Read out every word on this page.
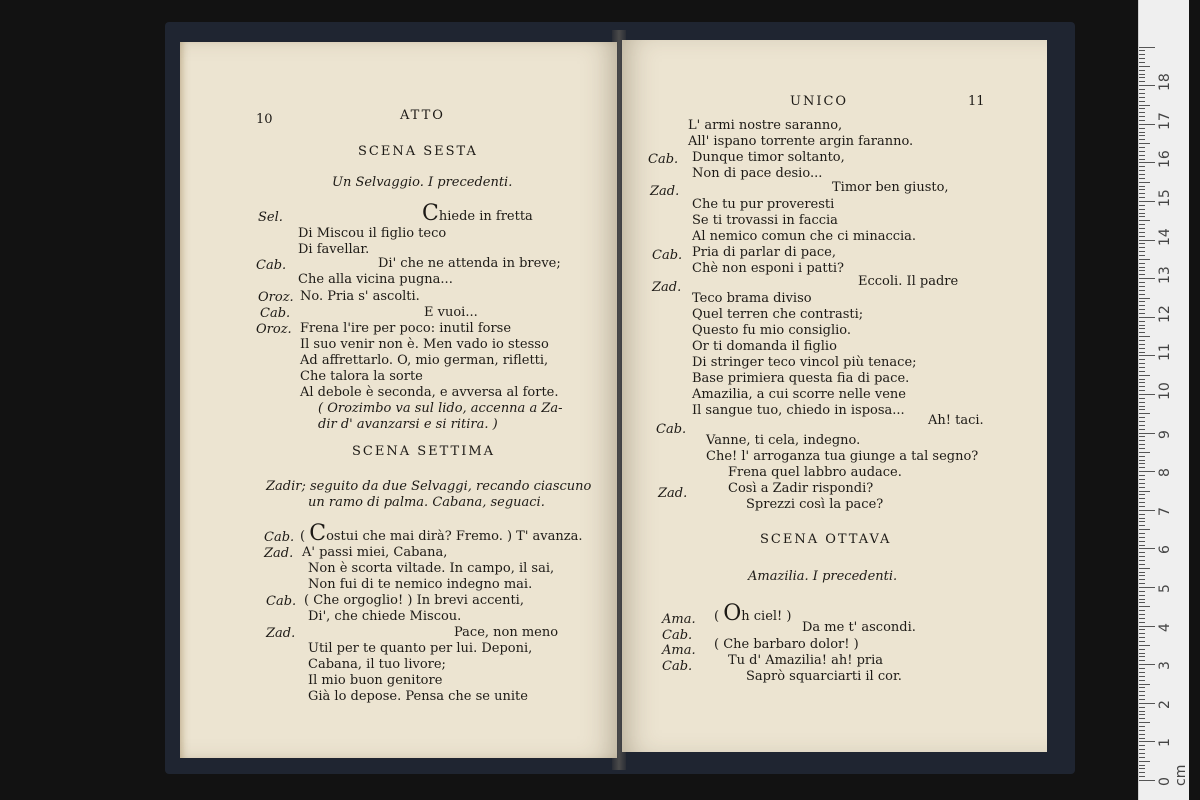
10	ATTO
SCENA SESTA
Un Selvaggio. I precedenti.
Sel.	Chiede in fretta
Di Miscou il figlio teco
Di favellar.
Cab.	Di' che ne attenda in breve;
Che alla vicina pugna...
Oroz. No. Pria s' ascolti.
Cab.	E vuoi...
Oroz. Frena l'ire per poco: inutil forse
Il suo venir non è. Men vado io stesso
Ad affrettarlo. O, mio german, rifletti,
Che talora la sorte
Al debole è seconda, e avversa al forte.
( Orozimbo va sul lido, accenna a Za-
dir d' avanzarsi e si ritira. )
SCENA SETTIMA
Zadir; seguito da due Selvaggi, recando ciascuno
un ramo di palma. Cabana, seguaci.
Cab. ( Costui che mai dirà? Fremo. ) T' avanza.
Zad. A' passi miei, Cabana,
Non è scorta viltade. In campo, il sai,
Non fui di te nemico indegno mai.
Cab. ( Che orgoglio! ) In brevi accenti,
Di', che chiede Miscou.
Zad.	Pace, non meno
Util per te quanto per lui. Deponi,
Cabana, il tuo livore;
Il mio buon genitore
Già lo depose. Pensa che se unite
UNICO	11
L' armi nostre saranno,
All' ispano torrente argin faranno.
Cab. Dunque timor soltanto,
Non di pace desio...
Zad.	Timor ben giusto,
Che tu pur proveresti
Se ti trovassi in faccia
Al nemico comun che ci minaccia.
Cab. Pria di parlar di pace,
Chè non esponi i patti?
Zad.	Eccoli. Il padre
Teco brama diviso
Quel terren che contrasti;
Questo fu mio consiglio.
Or ti domanda il figlio
Di stringer teco vincol più tenace;
Base primiera questa fia di pace.
Amazilia, a cui scorre nelle vene
Il sangue tuo, chiedo in isposa...
Ah! taci.
Cab.
Vanne, ti cela, indegno.
Che! l' arroganza tua giunge a tal segno?
Frena quel labbro audace.
Zad.	Così a Zadir rispondi?
Sprezzi così la pace?
SCENA OTTAVA
Amazilia. I precedenti.
Ama. ( Oh ciel! )
Cab.
Da me t' ascondi.
Ama. ( Che barbaro dolor! )
Cab.	Tu d' Amazilia! ah! pria
Saprò squarciarti il cor.
0 cm
1
2
3
4
5
6
7
8
9
10
11
12
13
14
15
16
17
18
